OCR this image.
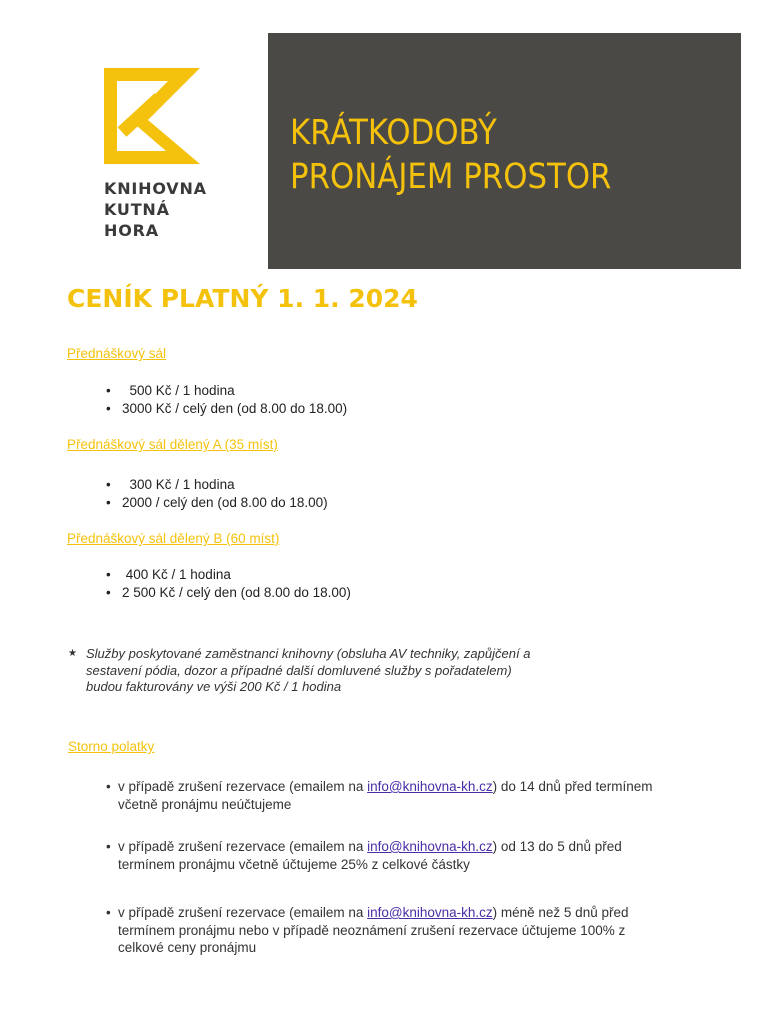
KNIHOVNA
KUTNÁ
HORA
KRÁTKODOBÝ
PRONÁJEM PROSTOR
CENÍK PLATNÝ 1. 1. 2024
Přednáškový sál
•   500 Kč / 1 hodina
• 3000 Kč / celý den (od 8.00 do 18.00)
Přednáškový sál dělený A (35 míst)
•   300 Kč / 1 hodina
• 2000 / celý den (od 8.00 do 18.00)
Přednáškový sál dělený B (60 míst)
•  400 Kč / 1 hodina
• 2 500 Kč / celý den (od 8.00 do 18.00)
★ Služby poskytované zaměstnanci knihovny (obsluha AV techniky, zapůjčení a
sestavení pódia, dozor a případné další domluvené služby s pořadatelem)
budou fakturovány ve výši 200 Kč / 1 hodina
Storno polatky
• v případě zrušení rezervace (emailem na info@knihovna-kh.cz) do 14 dnů před termínem včetně pronájmu neúčtujeme
• v případě zrušení rezervace (emailem na info@knihovna-kh.cz) od 13 do 5 dnů před termínem pronájmu včetně účtujeme 25% z celkové částky
• v případě zrušení rezervace (emailem na info@knihovna-kh.cz) méně než 5 dnů před termínem pronájmu nebo v případě neoznámení zrušení rezervace účtujeme 100% z celkové ceny pronájmu
